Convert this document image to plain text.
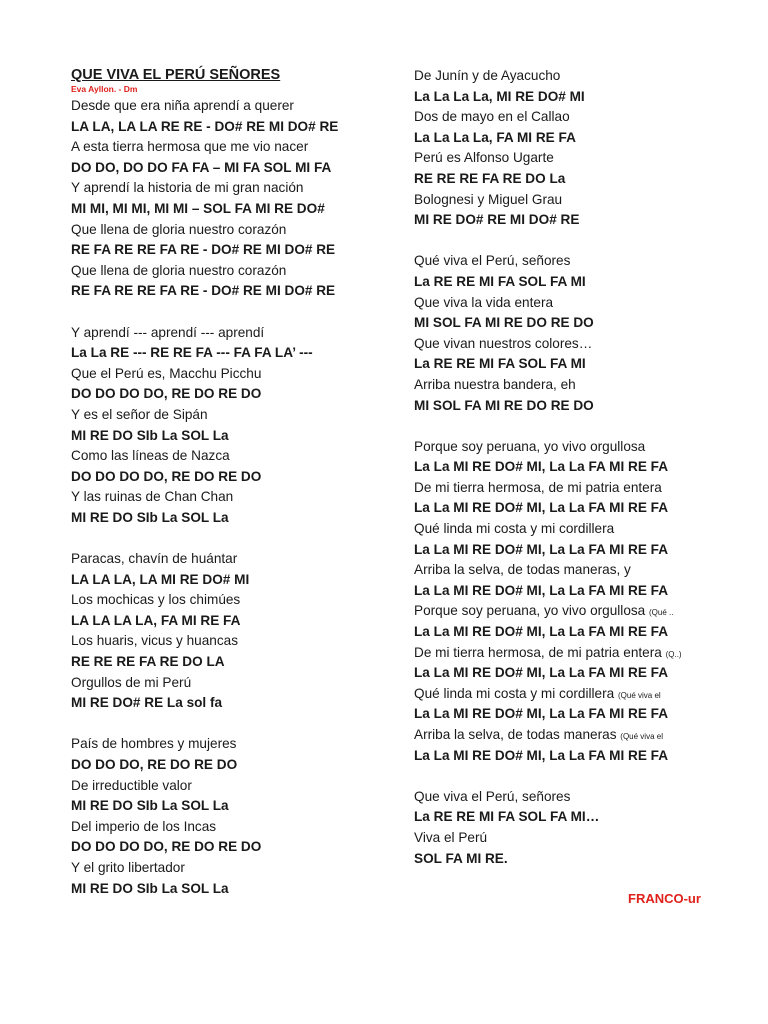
QUE VIVA EL PERÚ SEÑORES
Eva Ayllon. - Dm
Desde que era niña aprendí a querer
LA LA, LA LA RE RE - DO# RE MI DO# RE
A esta tierra hermosa que me vio nacer
DO DO, DO DO FA FA – MI FA SOL MI FA
Y aprendí la historia de mi gran nación
MI MI, MI MI, MI MI – SOL FA MI RE DO#
Que llena de gloria nuestro corazón
RE FA RE RE FA RE - DO# RE MI DO# RE
Que llena de gloria nuestro corazón
RE FA RE RE FA RE - DO# RE MI DO# RE
Y aprendí --- aprendí --- aprendí
La La RE --- RE RE FA --- FA FA LA’ ---
Que el Perú es, Macchu Picchu
DO DO DO DO, RE DO RE DO
Y es el señor de Sipán
MI RE DO SIb La SOL La
Como las líneas de Nazca
DO DO DO DO, RE DO RE DO
Y las ruinas de Chan Chan
MI RE DO SIb La SOL La
Paracas, chavín de huántar
LA LA LA, LA MI RE DO# MI
Los mochicas y los chimúes
LA LA LA LA, FA MI RE FA
Los huaris, vicus y huancas
RE RE RE FA RE DO LA
Orgullos de mi Perú
MI RE DO# RE La sol fa
País de hombres y mujeres
DO DO DO, RE DO RE DO
De irreductible valor
MI RE DO SIb La SOL La
Del imperio de los Incas
DO DO DO DO, RE DO RE DO
Y el grito libertador
MI RE DO SIb La SOL La
De Junín y de Ayacucho
La La La La, MI RE DO# MI
Dos de mayo en el Callao
La La La La, FA MI RE FA
Perú es Alfonso Ugarte
RE RE RE FA RE DO La
Bolognesi y Miguel Grau
MI RE DO# RE MI DO# RE
Qué viva el Perú, señores
La RE RE MI FA SOL FA MI
Que viva la vida entera
MI SOL FA MI RE DO RE DO
Que vivan nuestros colores…
La RE RE MI FA SOL FA MI
Arriba nuestra bandera, eh
MI SOL FA MI RE DO RE DO
Porque soy peruana, yo vivo orgullosa
La La MI RE DO# MI, La La FA MI RE FA
De mi tierra hermosa, de mi patria entera
La La MI RE DO# MI, La La FA MI RE FA
Qué linda mi costa y mi cordillera
La La MI RE DO# MI, La La FA MI RE FA
Arriba la selva, de todas maneras, y
La La MI RE DO# MI, La La FA MI RE FA
Porque soy peruana, yo vivo orgullosa (Qué ..
La La MI RE DO# MI, La La FA MI RE FA
De mi tierra hermosa, de mi patria entera (Q..)
La La MI RE DO# MI, La La FA MI RE FA
Qué linda mi costa y mi cordillera (Qué viva el
La La MI RE DO# MI, La La FA MI RE FA
Arriba la selva, de todas maneras (Qué viva el
La La MI RE DO# MI, La La FA MI RE FA
Que viva el Perú, señores
La RE RE MI FA SOL FA MI…
Viva el Perú
SOL FA MI RE.
FRANCO-ur
